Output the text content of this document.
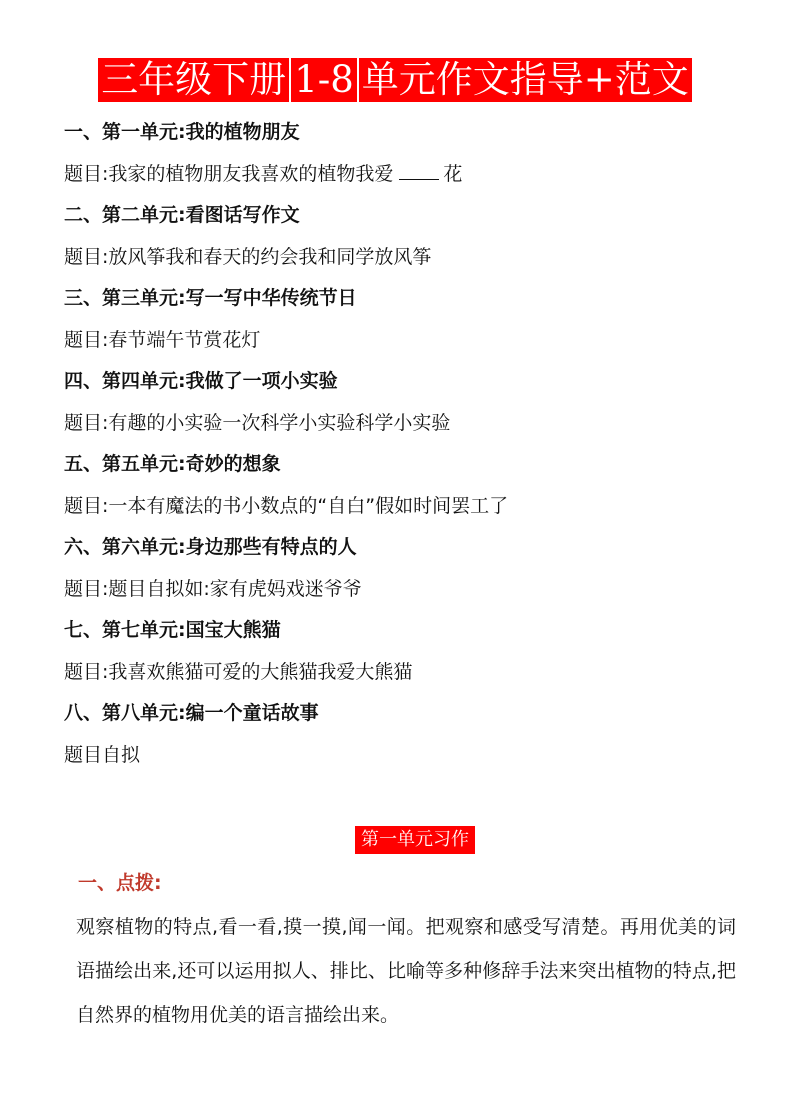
三年级下册 1-8 单元作文指导+范文
一、第一单元:我的植物朋友
题目:我家的植物朋友我喜欢的植物我爱	花
二、第二单元:看图话写作文
题目:放风筝我和春天的约会我和同学放风筝
三、第三单元:写一写中华传统节日
题目:春节端午节赏花灯
四、第四单元:我做了一项小实验
题目:有趣的小实验一次科学小实验科学小实验
五、第五单元:奇妙的想象
题目:一本有魔法的书小数点的“自白”假如时间罢工了
六、第六单元:身边那些有特点的人
题目:题目自拟如:家有虎妈戏迷爷爷
七、第七单元:国宝大熊猫
题目:我喜欢熊猫可爱的大熊猫我爱大熊猫
八、第八单元:编一个童话故事
题目自拟
第一单元习作
一、点拨:
观察植物的特点,看一看,摸一摸,闻一闻。把观察和感受写清楚。再用优美的词语描绘出来,还可以运用拟人、排比、比喻等多种修辞手法来突出植物的特点,把自然界的植物用优美的语言描绘出来。
